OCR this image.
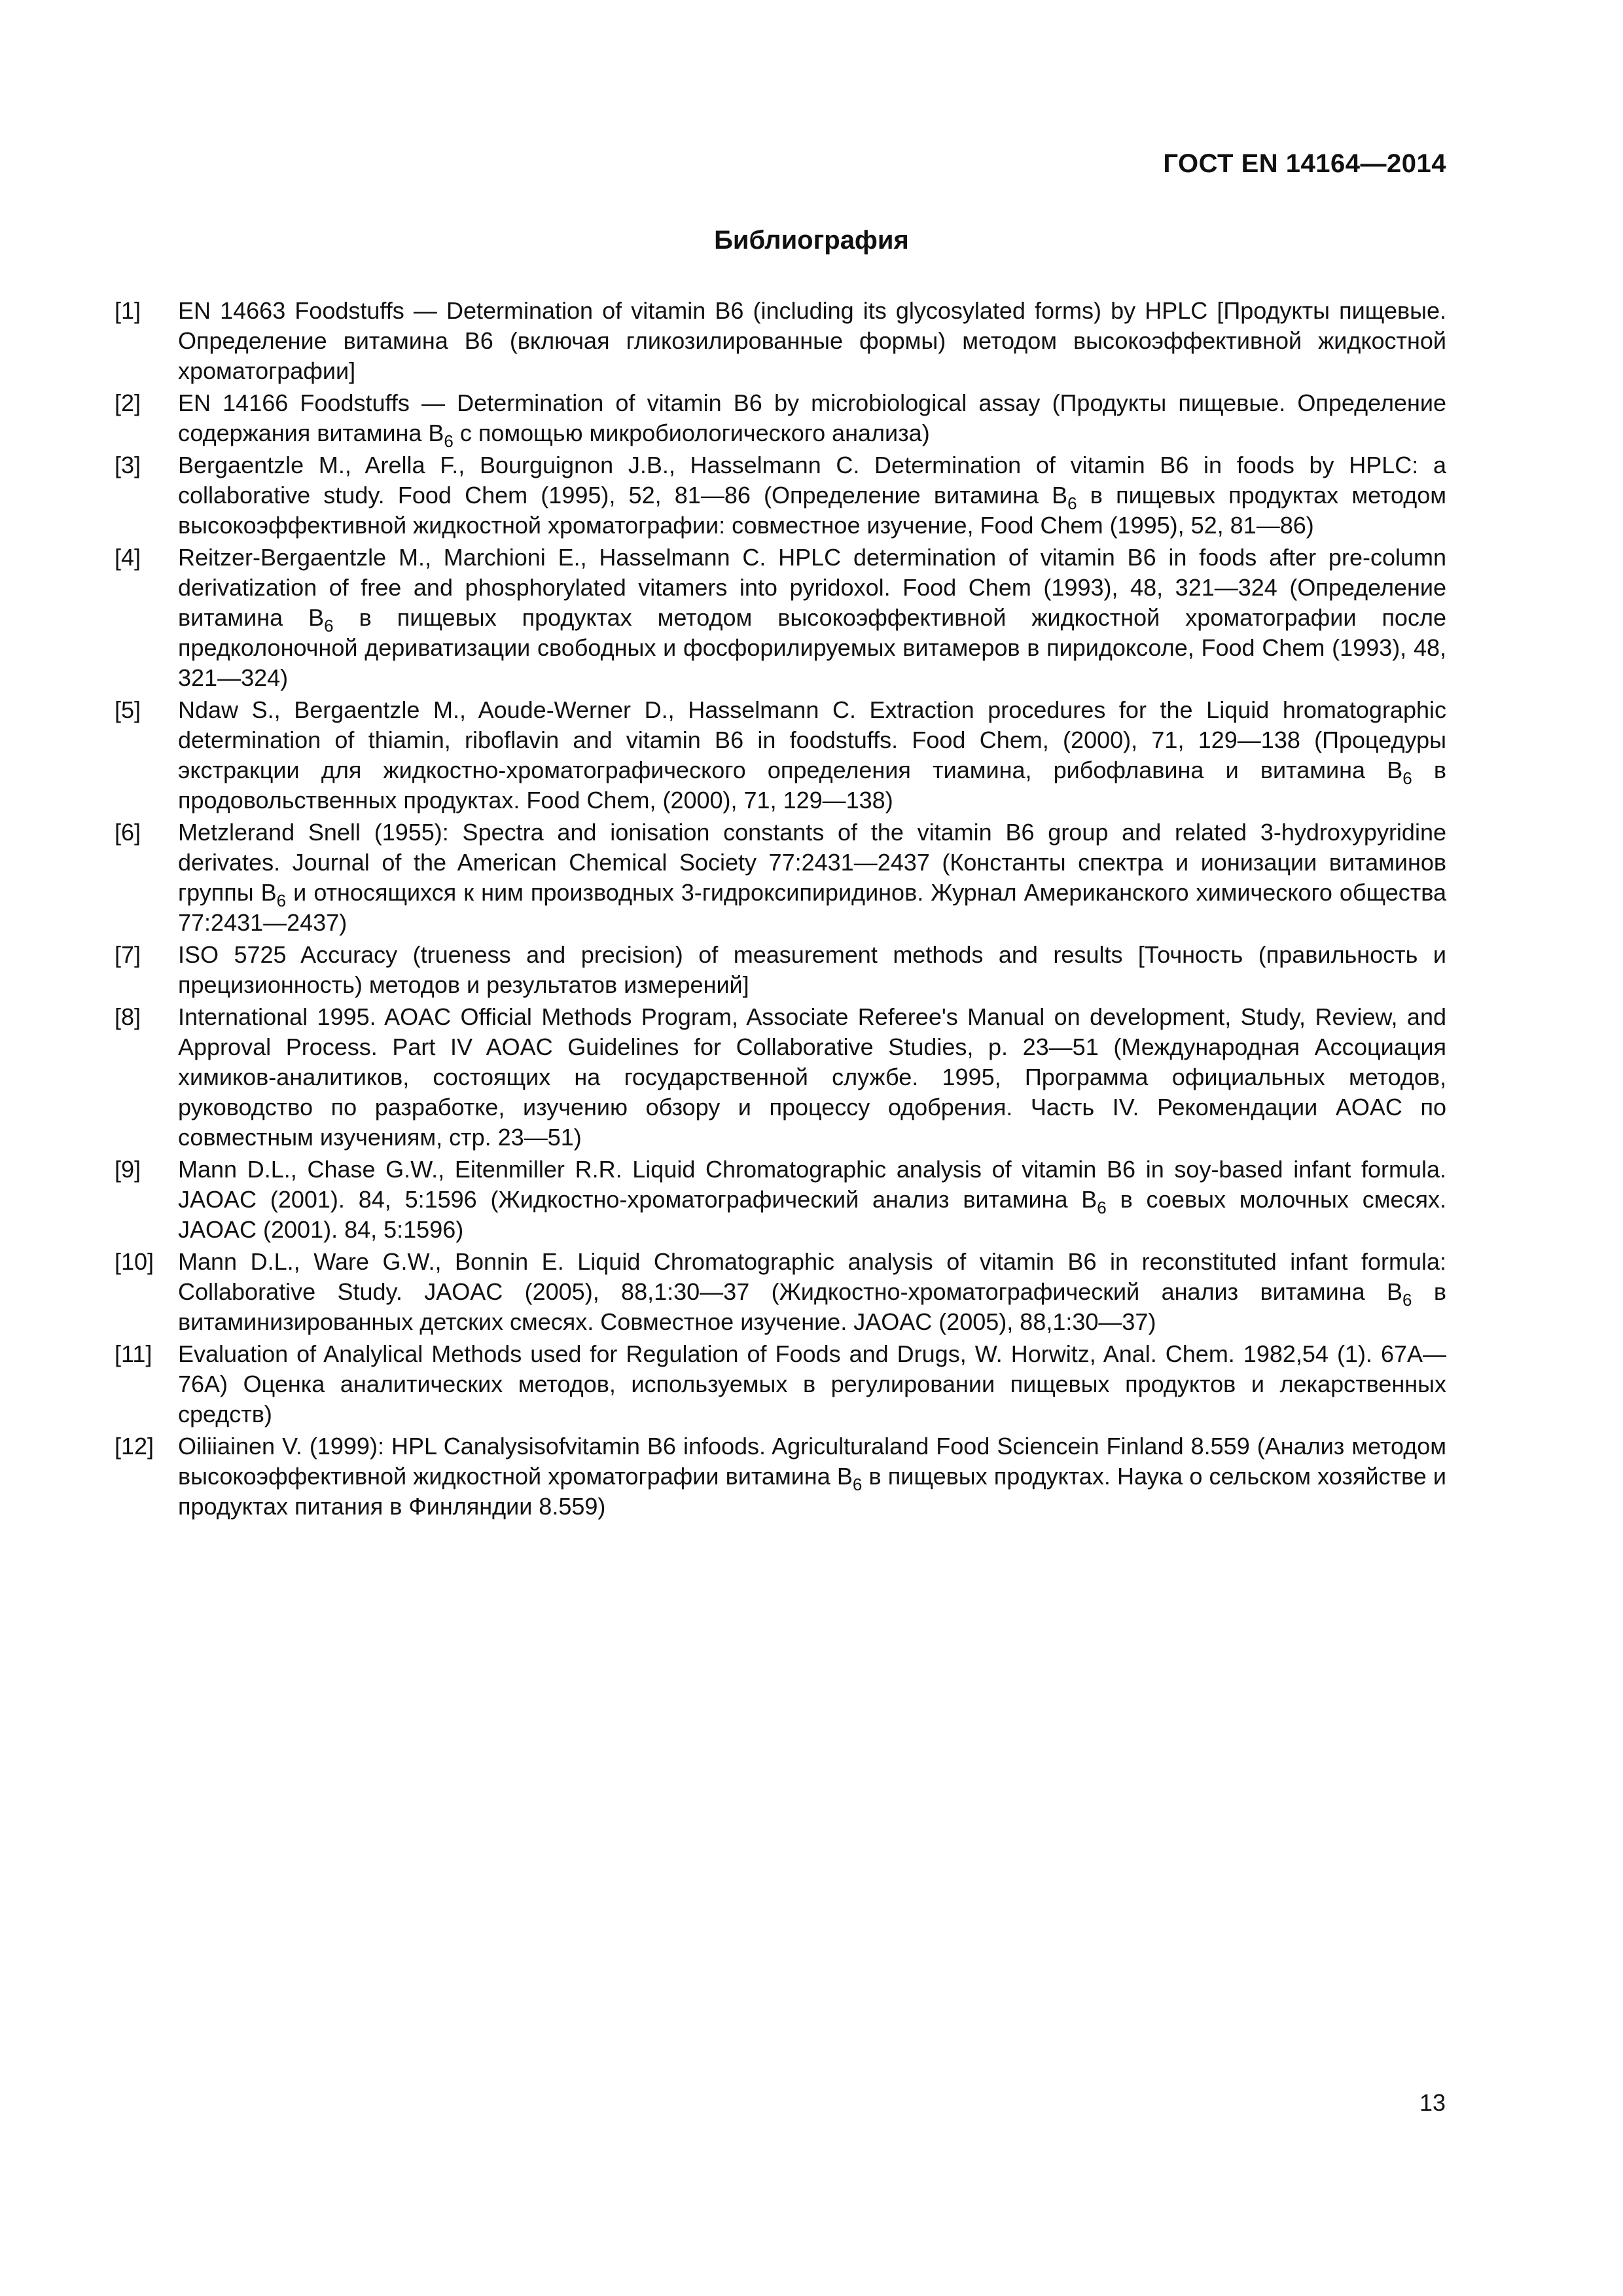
ГОСТ EN 14164—2014
Библиография
[1]	EN 14663 Foodstuffs — Determination of vitamin B6 (including its glycosylated forms) by HPLC [Продукты пищевые. Определение витамина B6 (включая гликозилированные формы) методом высокоэффективной жидкостной хроматографии]
[2]	EN 14166 Foodstuffs — Determination of vitamin B6 by microbiological assay (Продукты пищевые. Определение содержания витамина $B_6$ с помощью микробиологического анализа)
[3]	Bergaentzle M., Arella F., Bourguignon J.B., Hasselmann C. Determination of vitamin B6 in foods by HPLC: a collaborative study. Food Chem (1995), 52, 81—86 (Определение витамина $B_6$ в пищевых продуктах методом высокоэффективной жидкостной хроматографии: совместное изучение, Food Chem (1995), 52, 81—86)
[4]	Reitzer-Bergaentzle M., Marchioni E., Hasselmann C. HPLC determination of vitamin B6 in foods after pre-column derivatization of free and phosphorylated vitamers into pyridoxol. Food Chem (1993), 48, 321—324 (Определение витамина $B_6$ в пищевых продуктах методом высокоэффективной жидкостной хроматографии после предколоночной дериватизации свободных и фосфорилируемых витамеров в пиридоксоле, Food Chem (1993), 48, 321—324)
[5]	Ndaw S., Bergaentzle M., Aoude-Werner D., Hasselmann C. Extraction procedures for the Liquid hromatographic determination of thiamin, riboflavin and vitamin B6 in foodstuffs. Food Chem, (2000), 71, 129—138 (Процедуры экстракции для жидкостно-хроматографического определения тиамина, рибофлавина и витамина $B_6$ в продовольственных продуктах. Food Chem, (2000), 71, 129—138)
[6]	Metzlerand Snell (1955): Spectra and ionisation constants of the vitamin B6 group and related 3-hydroxypyridine derivates. Journal of the American Chemical Society 77:2431—2437 (Константы спектра и ионизации витаминов группы $B_6$ и относящихся к ним производных 3-гидроксипиридинов. Журнал Американского химического общества 77:2431—2437)
[7]	ISO 5725 Accuracy (trueness and precision) of measurement methods and results [Точность (правильность и прецизионность) методов и результатов измерений]
[8]	International 1995. AOAC Official Methods Program, Associate Referee's Manual on development, Study, Review, and Approval Process. Part IV AOAC Guidelines for Collaborative Studies, p. 23—51 (Международная Ассоциация химиков-аналитиков, состоящих на государственной службе. 1995, Программа официальных методов, руководство по разработке, изучению обзору и процессу одобрения. Часть IV. Рекомендации AOAC по совместным изучениям, стр. 23—51)
[9]	Mann D.L., Chase G.W., Eitenmiller R.R. Liquid Chromatographic analysis of vitamin B6 in soy-based infant formula. JAOAC (2001). 84, 5:1596 (Жидкостно-хроматографический анализ витамина $B_6$ в соевых молочных смесях. JAOAC (2001). 84, 5:1596)
[10]	Mann D.L., Ware G.W., Bonnin E. Liquid Chromatographic analysis of vitamin B6 in reconstituted infant formula: Collaborative Study. JAOAC (2005), 88,1:30—37 (Жидкостно-хроматографический анализ витамина $B_6$ в витаминизированных детских смесях. Совместное изучение. JAOAC (2005), 88,1:30—37)
[11]	Evaluation of Analylical Methods used for Regulation of Foods and Drugs, W. Horwitz, Anal. Chem. 1982,54 (1). 67A—76A) Оценка аналитических методов, используемых в регулировании пищевых продуктов и лекарственных средств)
[12]	Oiliiainen V. (1999): HPL Canalysisofvitamin B6 infoods. Agriculturaland Food Sciencein Finland 8.559 (Анализ методом высокоэффективной жидкостной хроматографии витамина $B_6$ в пищевых продуктах. Наука о сельском хозяйстве и продуктах питания в Финляндии 8.559)
13
